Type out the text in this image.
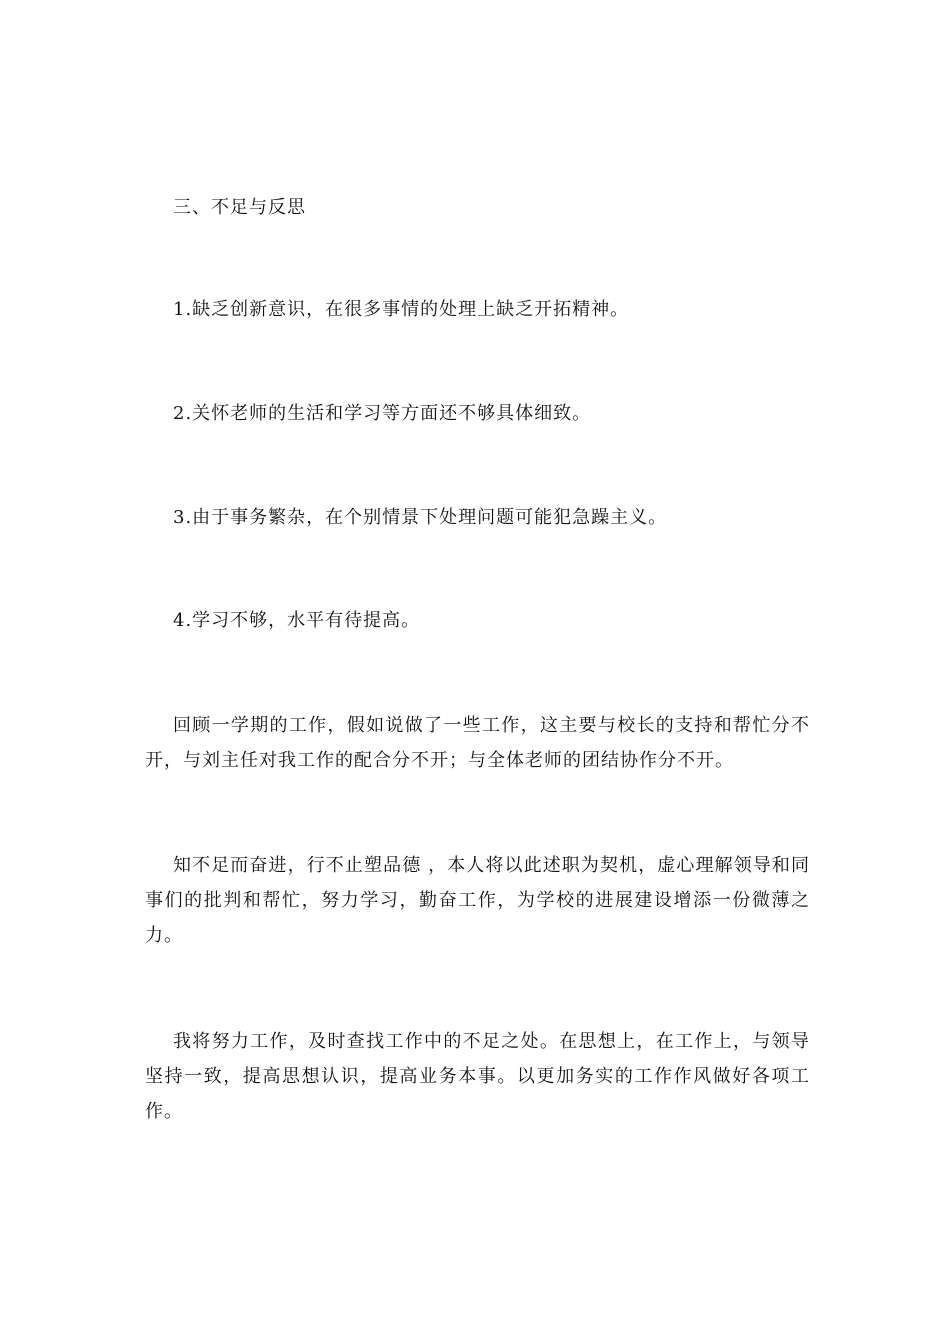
三、不足与反思

1.缺乏创新意识，在很多事情的处理上缺乏开拓精神。

2.关怀老师的生活和学习等方面还不够具体细致。

3.由于事务繁杂，在个别情景下处理问题可能犯急躁主义。

4.学习不够，水平有待提高。

回顾一学期的工作，假如说做了一些工作，这主要与校长的支持和帮忙分不开，与刘主任对我工作的配合分不开；与全体老师的团结协作分不开。

知不足而奋进，行不止塑品德 ，本人将以此述职为契机，虚心理解领导和同事们的批判和帮忙，努力学习，勤奋工作，为学校的进展建设增添一份微薄之力。

我将努力工作，及时查找工作中的不足之处。在思想上，在工作上，与领导坚持一致，提高思想认识，提高业务本事。以更加务实的工作作风做好各项工作。
